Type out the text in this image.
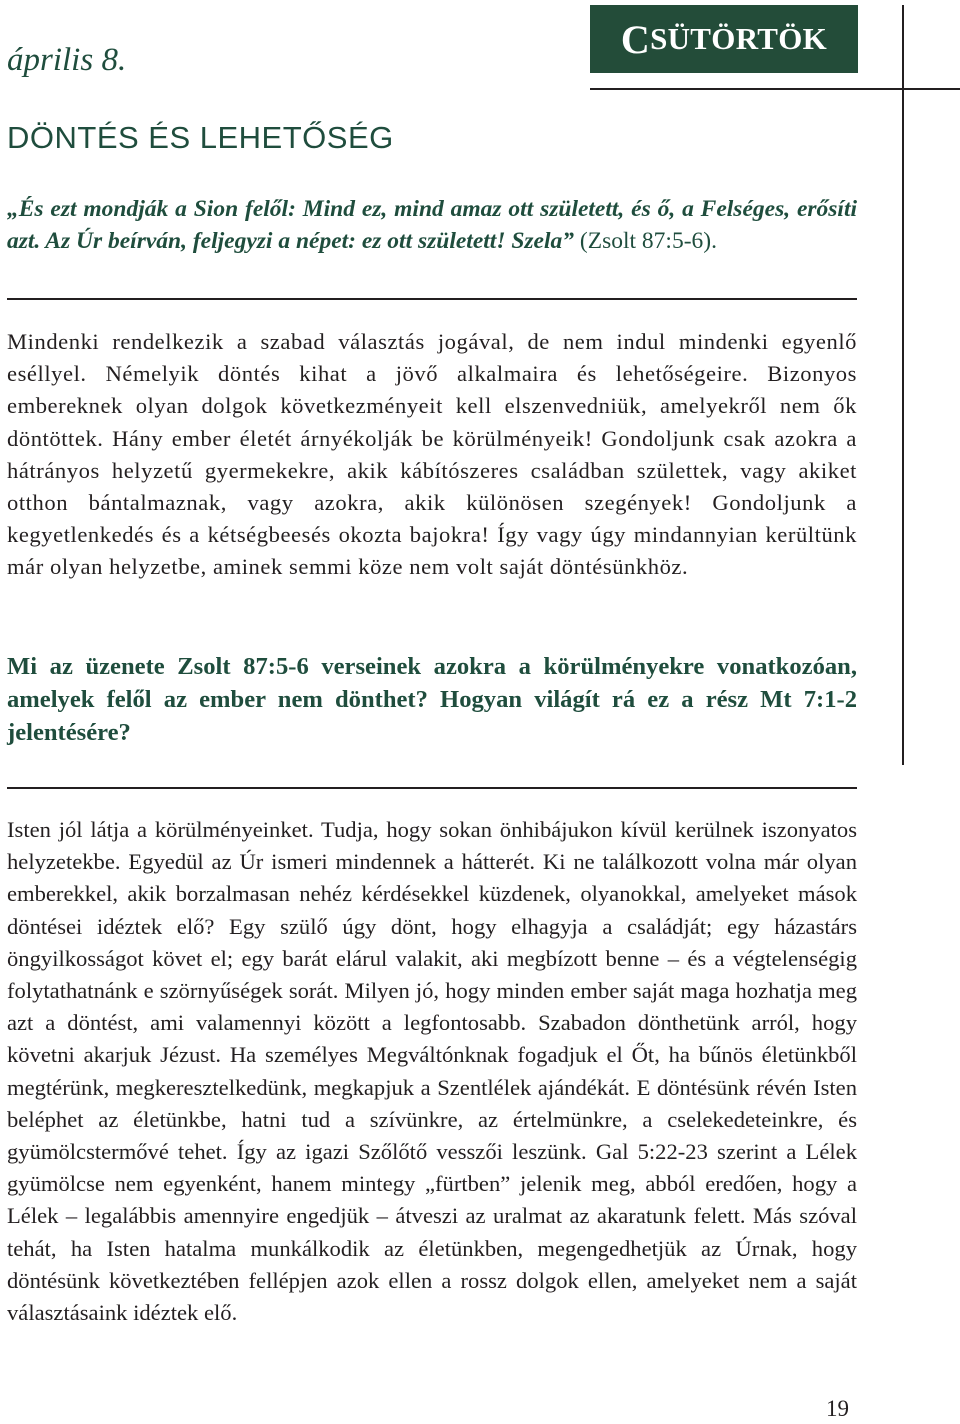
április 8.	C SÜTÖRTÖK
DÖNTÉS ÉS LEHETŐSÉG
„És ezt mondják a Sion felől: Mind ez, mind amaz ott született, és ő, a Felséges, erősíti azt. Az Úr beírván, feljegyzi a népet: ez ott született! Szela” (Zsolt 87:5-6).
Mindenki rendelkezik a szabad választás jogával, de nem indul mindenki egyenlő eséllyel. Némelyik döntés kihat a jövő alkalmaira és lehetőségeire. Bizonyos embereknek olyan dolgok következményeit kell elszenvedniük, amelyekről nem ők döntöttek. Hány ember életét árnyékolják be körülményeik! Gondoljunk csak azokra a hátrányos helyzetű gyermekekre, akik kábítószeres családban születtek, vagy akiket otthon bántalmaznak, vagy azokra, akik különösen szegények! Gondoljunk a kegyetlenkedés és a kétségbeesés okozta bajokra! Így vagy úgy mindannyian kerültünk már olyan helyzetbe, aminek semmi köze nem volt saját döntésünkhöz.
Mi az üzenete Zsolt 87:5-6 verseinek azokra a körülményekre vonatkozóan, amelyek felől az ember nem dönthet? Hogyan világít rá ez a rész Mt 7:1-2 jelentésére?
Isten jól látja a körülményeinket. Tudja, hogy sokan önhibájukon kívül kerülnek iszonyatos helyzetekbe. Egyedül az Úr ismeri mindennek a hátterét. Ki ne találkozott volna már olyan emberekkel, akik borzalmasan nehéz kérdésekkel küzdenek, olyanokkal, amelyeket mások döntései idéztek elő? Egy szülő úgy dönt, hogy elhagyja a családját; egy házastárs öngyilkosságot követ el; egy barát elárul valakit, aki megbízott benne – és a végtelenségig folytathatnánk e szörnyűségek sorát. Milyen jó, hogy minden ember saját maga hozhatja meg azt a döntést, ami valamennyi között a legfontosabb. Szabadon dönthetünk arról, hogy követni akarjuk Jézust. Ha személyes Megváltónknak fogadjuk el Őt, ha bűnös életünkből megtérünk, megkeresztelkedünk, megkapjuk a Szentlélek ajándékát. E döntésünk révén Isten beléphet az életünkbe, hatni tud a szívünkre, az értelmünkre, a cselekedeteinkre, és gyümölcstermővé tehet. Így az igazi Szőlőtő vesszői leszünk. Gal 5:22-23 szerint a Lélek gyümölcse nem egyenként, hanem mintegy „fürtben” jelenik meg, abból eredően, hogy a Lélek – legalábbis amennyire engedjük – átveszi az uralmat az akaratunk felett. Más szóval tehát, ha Isten hatalma munkálkodik az életünkben, megengedhetjük az Úrnak, hogy döntésünk következtében fellépjen azok ellen a rossz dolgok ellen, amelyeket nem a saját választásaink idéztek elő.
19
